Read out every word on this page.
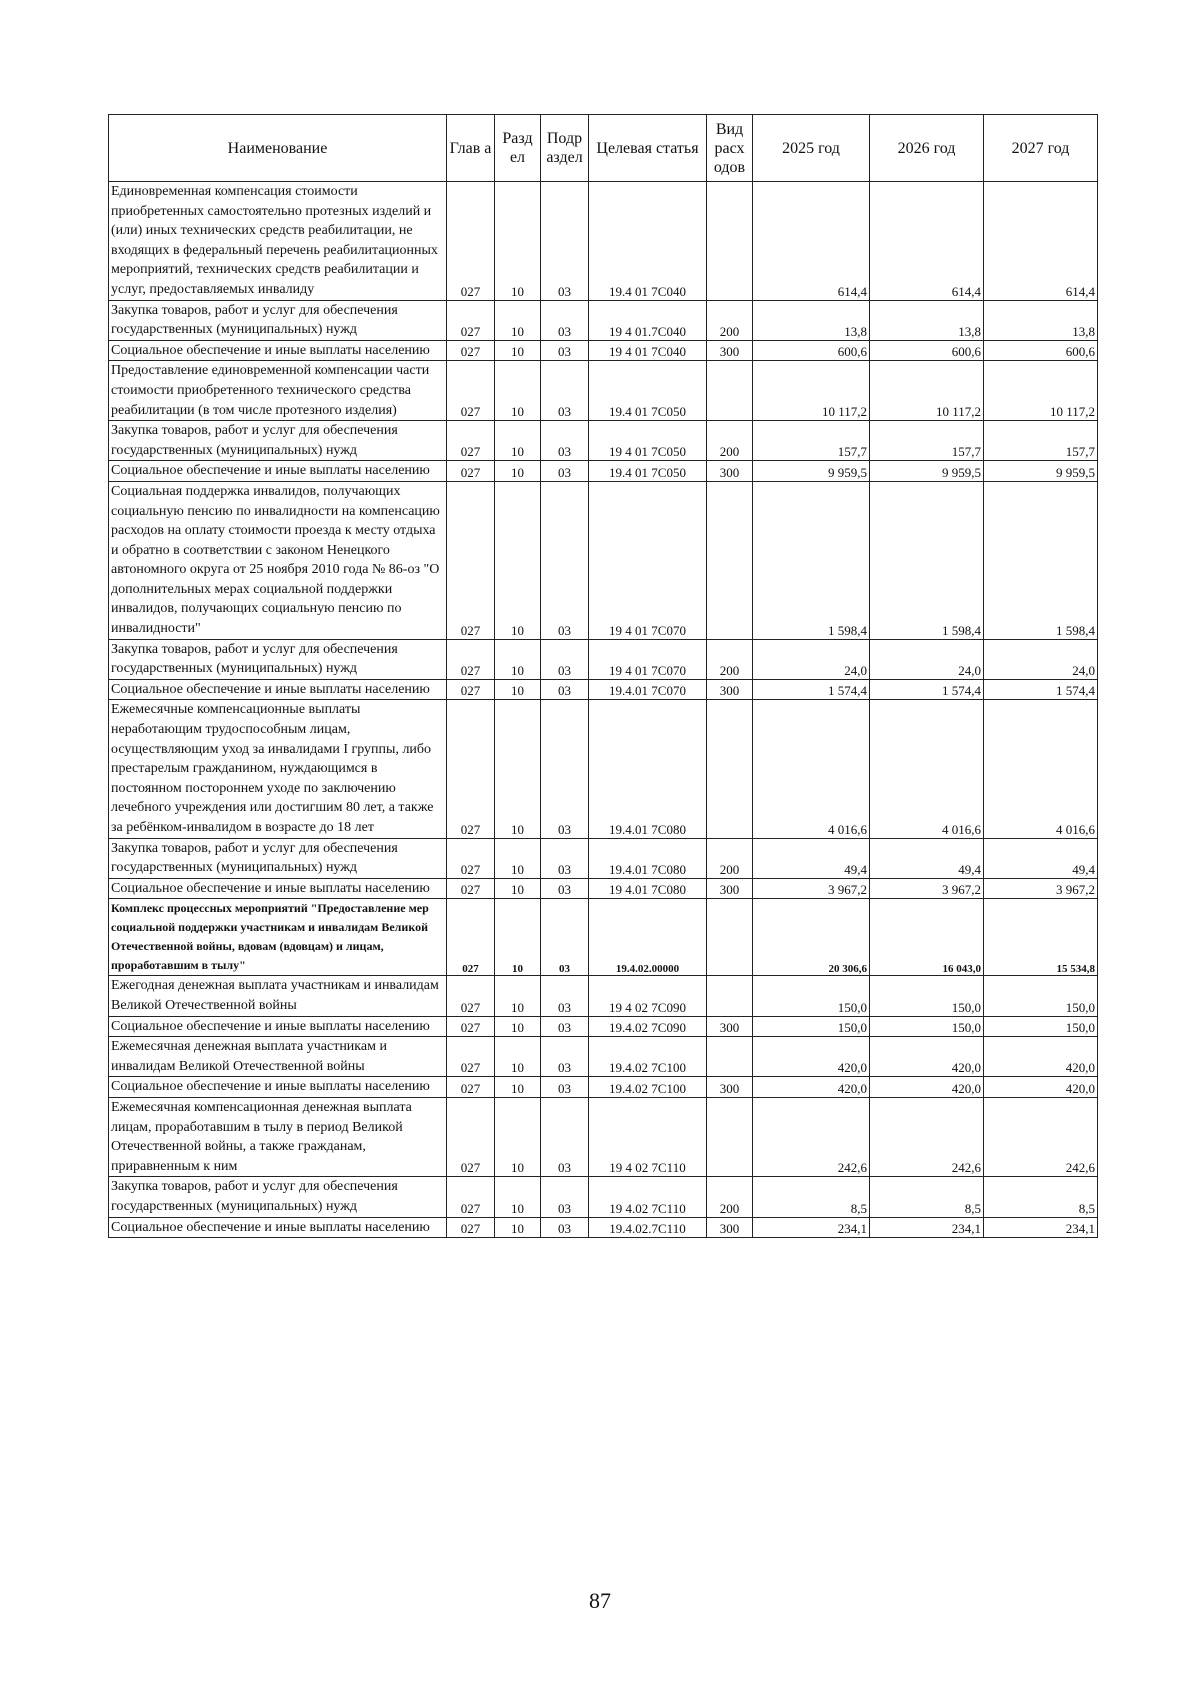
Наименование	Глав а	Разд ел	Подр аздел	Целевая статья	Вид расх одов	2025 год	2026 год	2027 год
Единовременная компенсация стоимости приобретенных самостоятельно протезных изделий и (или) иных технических средств реабилитации, не входящих в федеральный перечень реабилитационных мероприятий, технических средств реабилитации и услуг, предоставляемых инвалиду	027	10	03	19.4 01 7C040		614,4	614,4	614,4
Закупка товаров, работ и услуг для обеспечения государственных (муниципальных) нужд	027	10	03	19 4 01.7C040	200	13,8	13,8	13,8
Социальное обеспечение и иные выплаты населению	027	10	03	19 4 01 7C040	300	600,6	600,6	600,6
Предоставление единовременной компенсации части стоимости приобретенного технического средства реабилитации (в том числе протезного изделия)	027	10	03	19.4 01 7C050		10 117,2	10 117,2	10 117,2
Закупка товаров, работ и услуг для обеспечения государственных (муниципальных) нужд	027	10	03	19 4 01 7C050	200	157,7	157,7	157,7
Социальное обеспечение и иные выплаты населению	027	10	03	19.4 01 7C050	300	9 959,5	9 959,5	9 959,5
Социальная поддержка инвалидов, получающих социальную пенсию по инвалидности на компенсацию расходов на оплату стоимости проезда к месту отдыха и обратно в соответствии с законом Ненецкого автономного округа от 25 ноября 2010 года № 86-оз "О дополнительных мерах социальной поддержки инвалидов, получающих социальную пенсию по инвалидности"	027	10	03	19 4 01 7C070		1 598,4	1 598,4	1 598,4
Закупка товаров, работ и услуг для обеспечения государственных (муниципальных) нужд	027	10	03	19 4 01 7C070	200	24,0	24,0	24,0
Социальное обеспечение и иные выплаты населению	027	10	03	19.4.01 7C070	300	1 574,4	1 574,4	1 574,4
Ежемесячные компенсационные выплаты неработающим трудоспособным лицам, осуществляющим уход за инвалидами I группы, либо престарелым гражданином, нуждающимся в постоянном постороннем уходе по заключению лечебного учреждения или достигшим 80 лет, а также за ребёнком-инвалидом в возрасте до 18 лет	027	10	03	19.4.01 7C080		4 016,6	4 016,6	4 016,6
Закупка товаров, работ и услуг для обеспечения государственных (муниципальных) нужд	027	10	03	19.4.01 7C080	200	49,4	49,4	49,4
Социальное обеспечение и иные выплаты населению	027	10	03	19 4.01 7C080	300	3 967,2	3 967,2	3 967,2
Комплекс процессных мероприятий "Предоставление мер социальной поддержки участникам и инвалидам Великой Отечественной войны, вдовам (вдовцам) и лицам, проработавшим в тылу"	027	10	03	19.4.02.00000		20 306,6	16 043,0	15 534,8
Ежегодная денежная выплата участникам и инвалидам Великой Отечественной войны	027	10	03	19 4 02 7C090		150,0	150,0	150,0
Социальное обеспечение и иные выплаты населению	027	10	03	19.4.02 7C090	300	150,0	150,0	150,0
Ежемесячная денежная выплата участникам и инвалидам Великой Отечественной войны	027	10	03	19.4.02 7C100		420,0	420,0	420,0
Социальное обеспечение и иные выплаты населению	027	10	03	19.4.02 7C100	300	420,0	420,0	420,0
Ежемесячная компенсационная денежная выплата лицам, проработавшим в тылу в период Великой Отечественной войны, а также гражданам, приравненным к ним	027	10	03	19 4 02 7C110		242,6	242,6	242,6
Закупка товаров, работ и услуг для обеспечения государственных (муниципальных) нужд	027	10	03	19 4.02 7C110	200	8,5	8,5	8,5
Социальное обеспечение и иные выплаты населению	027	10	03	19.4.02.7C110	300	234,1	234,1	234,1
87
